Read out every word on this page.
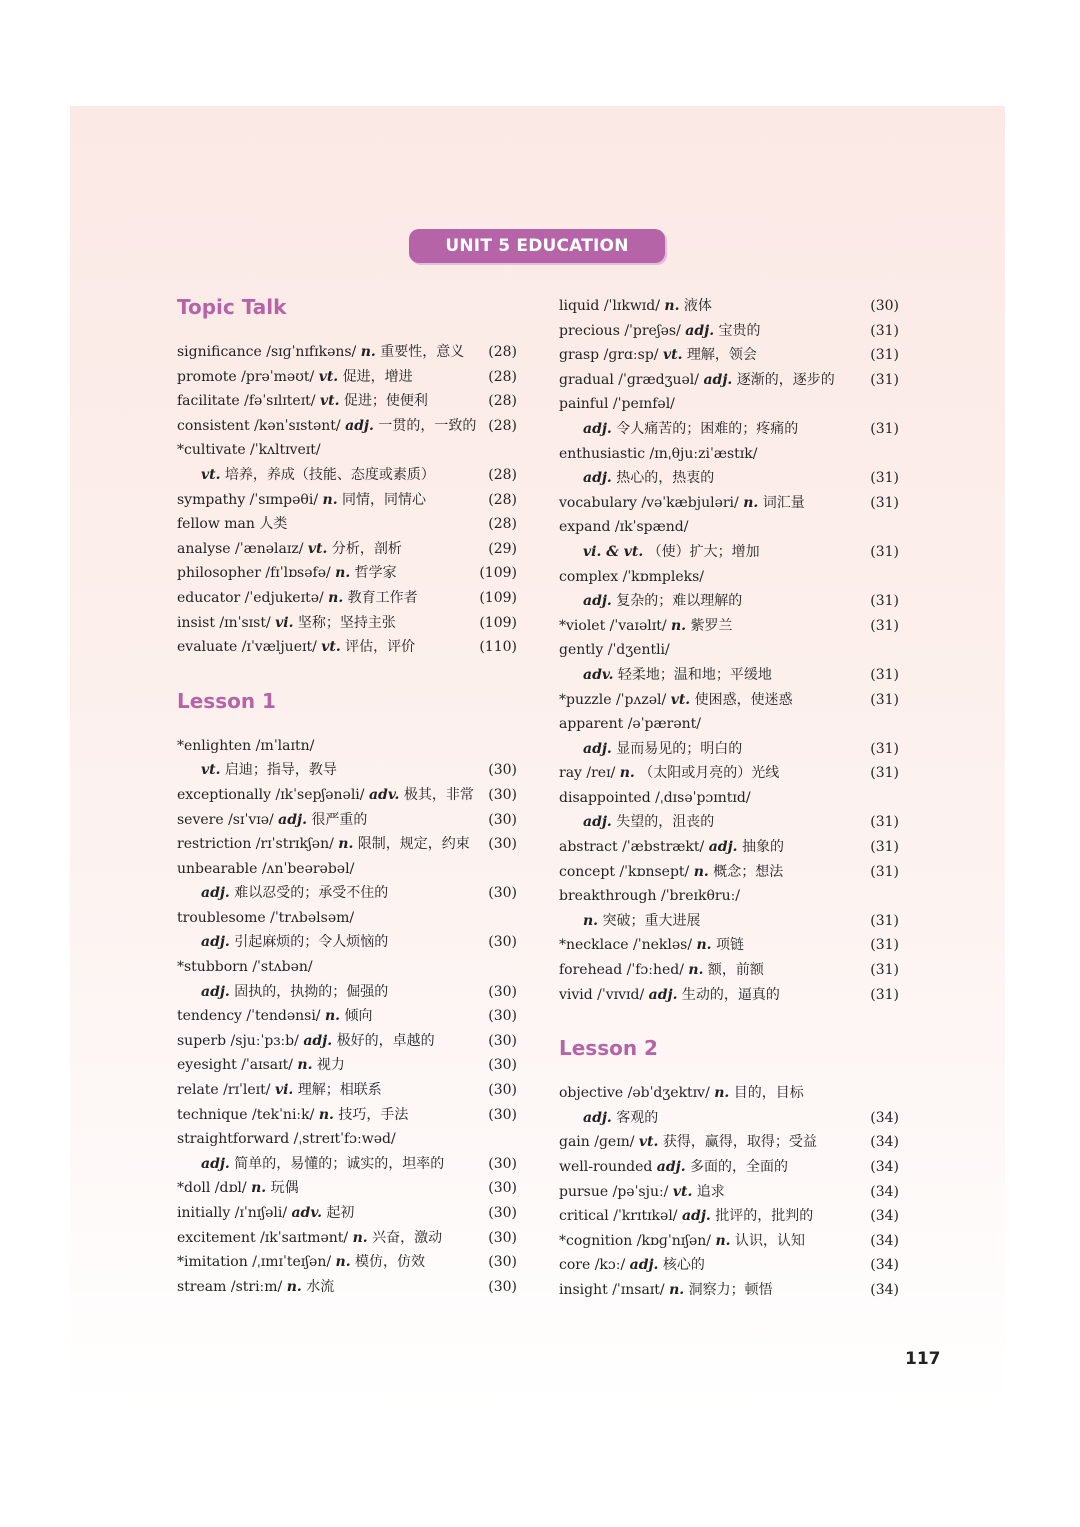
UNIT 5 EDUCATION
Topic Talk
significance /sɪɡˈnɪfɪkəns/ n. 重要性，意义 (28)
promote /prəˈməʊt/ vt. 促进，增进	(28)
facilitate /fəˈsɪlɪteɪt/ vt. 促进；使便利	(28)
consistent /kənˈsɪstənt/ adj. 一贯的，一致的 (28)
*cultivate /ˈkʌltɪveɪt/
vt. 培养，养成（技能、态度或素质）	(28)
sympathy /ˈsɪmpəθi/ n. 同情，同情心	(28)
fellow man 人类	(28)
analyse /ˈænəlaɪz/ vt. 分析，剖析	(29)
philosopher /fɪˈlɒsəfə/ n. 哲学家	(109)
educator /ˈedjukeɪtə/ n. 教育工作者	(109)
insist /ɪnˈsɪst/ vi. 坚称；坚持主张	(109)
evaluate /ɪˈvæljueɪt/ vt. 评估，评价	(110)
Lesson 1
*enlighten /ɪnˈlaɪtn/
vt. 启迪；指导，教导	(30)
exceptionally /ɪkˈsepʃənəli/ adv. 极其，非常 (30)
severe /sɪˈvɪə/ adj. 很严重的	(30)
restriction /rɪˈstrɪkʃən/ n. 限制，规定，约束 (30)
unbearable /ʌnˈbeərəbəl/
adj. 难以忍受的；承受不住的	(30)
troublesome /ˈtrʌbəlsəm/
adj. 引起麻烦的；令人烦恼的	(30)
*stubborn /ˈstʌbən/
adj. 固执的，执拗的；倔强的	(30)
tendency /ˈtendənsi/ n. 倾向	(30)
superb /sjuːˈpɜːb/ adj. 极好的，卓越的	(30)
eyesight /ˈaɪsaɪt/ n. 视力	(30)
relate /rɪˈleɪt/ vi. 理解；相联系	(30)
technique /tekˈniːk/ n. 技巧，手法	(30)
straightforward /ˌstreɪtˈfɔːwəd/
adj. 简单的，易懂的；诚实的，坦率的	(30)
*doll /dɒl/ n. 玩偶	(30)
initially /ɪˈnɪʃəli/ adv. 起初	(30)
excitement /ɪkˈsaɪtmənt/ n. 兴奋，激动	(30)
*imitation /ˌɪmɪˈteɪʃən/ n. 模仿，仿效	(30)
stream /striːm/ n. 水流	(30)
liquid /ˈlɪkwɪd/ n. 液体	(30)
precious /ˈpreʃəs/ adj. 宝贵的	(31)
grasp /ɡrɑːsp/ vt. 理解，领会	(31)
gradual /ˈɡrædʒuəl/ adj. 逐渐的，逐步的	(31)
painful /ˈpeɪnfəl/
adj. 令人痛苦的；困难的；疼痛的	(31)
enthusiastic /ɪnˌθjuːziˈæstɪk/
adj. 热心的，热衷的	(31)
vocabulary /vəˈkæbjuləri/ n. 词汇量	(31)
expand /ɪkˈspænd/
vi. & vt. （使）扩大；增加	(31)
complex /ˈkɒmpleks/
adj. 复杂的；难以理解的	(31)
*violet /ˈvaɪəlɪt/ n. 紫罗兰	(31)
gently /ˈdʒentli/
adv. 轻柔地；温和地；平缓地	(31)
*puzzle /ˈpʌzəl/ vt. 使困惑，使迷惑	(31)
apparent /əˈpærənt/
adj. 显而易见的；明白的	(31)
ray /reɪ/ n. （太阳或月亮的）光线	(31)
disappointed /ˌdɪsəˈpɔɪntɪd/
adj. 失望的，沮丧的	(31)
abstract /ˈæbstrækt/ adj. 抽象的	(31)
concept /ˈkɒnsept/ n. 概念；想法	(31)
breakthrough /ˈbreɪkθruː/
n. 突破；重大进展	(31)
*necklace /ˈnekləs/ n. 项链	(31)
forehead /ˈfɔːhed/ n. 额，前额	(31)
vivid /ˈvɪvɪd/ adj. 生动的，逼真的	(31)
Lesson 2
objective /əbˈdʒektɪv/ n. 目的，目标
adj. 客观的	(34)
gain /ɡeɪn/ vt. 获得，赢得，取得；受益	(34)
well-rounded adj. 多面的，全面的	(34)
pursue /pəˈsjuː/ vt. 追求	(34)
critical /ˈkrɪtɪkəl/ adj. 批评的，批判的	(34)
*cognition /kɒɡˈnɪʃən/ n. 认识，认知	(34)
core /kɔː/ adj. 核心的	(34)
insight /ˈɪnsaɪt/ n. 洞察力；顿悟	(34)
117
